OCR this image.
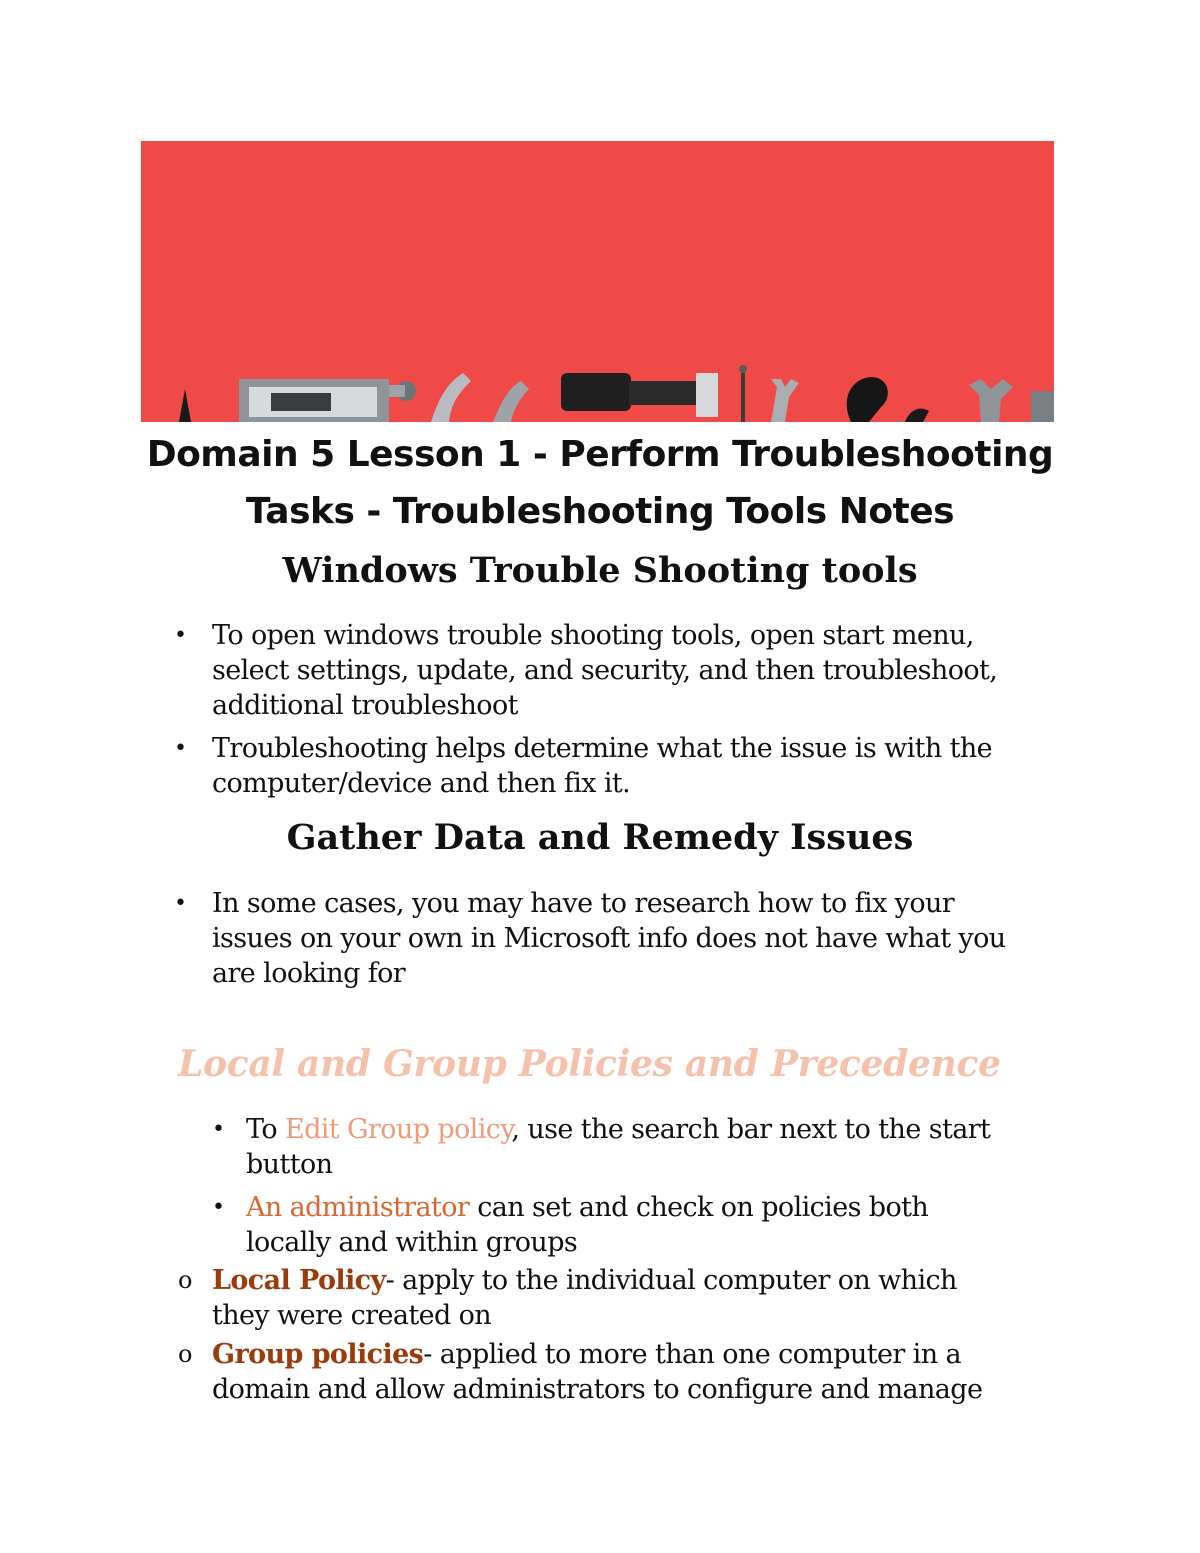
Domain 5 Lesson 1 - Perform Troubleshooting
Tasks - Troubleshooting Tools Notes
Windows Trouble Shooting tools
• To open windows trouble shooting tools, open start menu,
select settings, update, and security, and then troubleshoot,
additional troubleshoot
• Troubleshooting helps determine what the issue is with the
computer/device and then fix it.
Gather Data and Remedy Issues
• In some cases, you may have to research how to fix your
issues on your own in Microsoft info does not have what you
are looking for
Local and Group Policies and Precedence
• To Edit Group policy, use the search bar next to the start
button
• An administrator can set and check on policies both
locally and within groups
o Local Policy- apply to the individual computer on which
they were created on
o Group policies- applied to more than one computer in a
domain and allow administrators to configure and manage
